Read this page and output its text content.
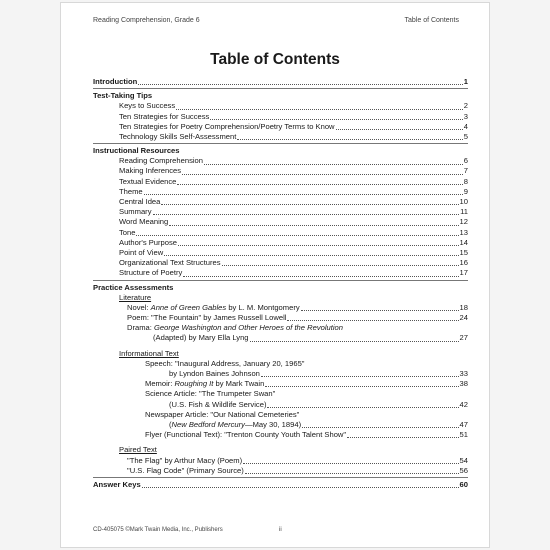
Reading Comprehension, Grade 6	Table of Contents
Table of Contents
Introduction	1
Test-Taking Tips
Keys to Success	2
Ten Strategies for Success	3
Ten Strategies for Poetry Comprehension/Poetry Terms to Know	4
Technology Skills Self-Assessment	5
Instructional Resources
Reading Comprehension	6
Making Inferences	7
Textual Evidence	8
Theme	9
Central Idea	10
Summary	11
Word Meaning	12
Tone	13
Author's Purpose	14
Point of View	15
Organizational Text Structures	16
Structure of Poetry	17
Practice Assessments
Literature
Novel: Anne of Green Gables by L. M. Montgomery	18
Poem: "The Fountain" by James Russell Lowell	24
Drama: George Washington and Other Heroes of the Revolution
(Adapted) by Mary Ella Lyng	27
Informational Text
Speech: "Inaugural Address, January 20, 1965"
by Lyndon Baines Johnson	33
Memoir: Roughing It by Mark Twain	38
Science Article: "The Trumpeter Swan"
(U.S. Fish & Wildlife Service)	42
Newspaper Article: "Our National Cemeteries"
(New Bedford Mercury—May 30, 1894)	47
Flyer (Functional Text): "Trenton County Youth Talent Show"	51
Paired Text
"The Flag" by Arthur Macy (Poem)	54
"U.S. Flag Code" (Primary Source)	56
Answer Keys	60
CD-405075 ©Mark Twain Media, Inc., Publishers	ii
